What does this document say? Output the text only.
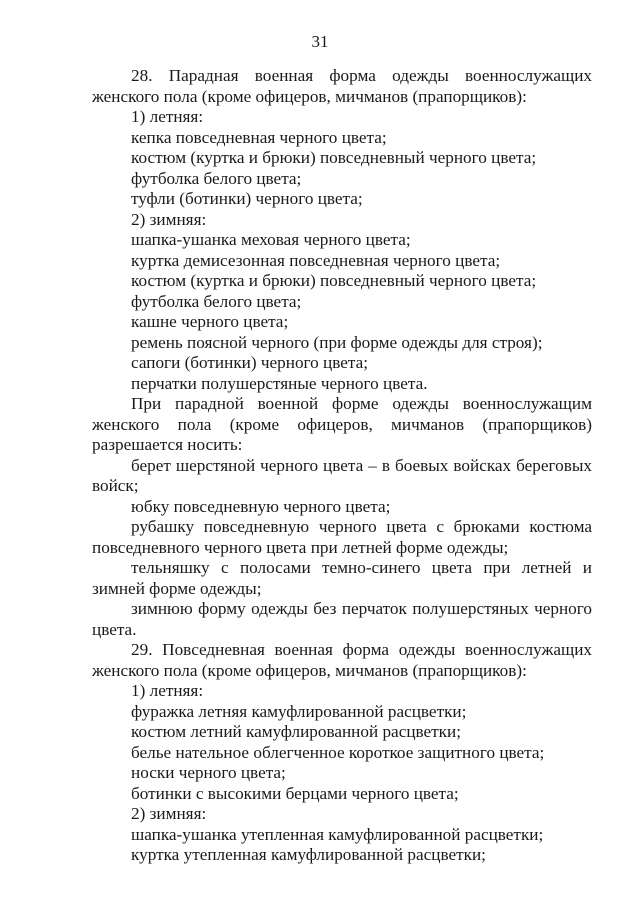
31

28. Парадная военная форма одежды военнослужащих женского пола (кроме офицеров, мичманов (прапорщиков):

1) летняя:

кепка повседневная черного цвета;

костюм (куртка и брюки) повседневный черного цвета;

футболка белого цвета;

туфли (ботинки) черного цвета;

2) зимняя:

шапка-ушанка меховая черного цвета;

куртка демисезонная повседневная черного цвета;

костюм (куртка и брюки) повседневный черного цвета;

футболка белого цвета;

кашне черного цвета;

ремень поясной черного (при форме одежды для строя);

сапоги (ботинки) черного цвета;

перчатки полушерстяные черного цвета.

При парадной военной форме одежды военнослужащим женского пола (кроме офицеров, мичманов (прапорщиков) разрешается носить:

берет шерстяной черного цвета – в боевых войсках береговых войск;

юбку повседневную черного цвета;

рубашку повседневную черного цвета с брюками костюма повседневного черного цвета при летней форме одежды;

тельняшку с полосами темно-синего цвета при летней и зимней форме одежды;

зимнюю форму одежды без перчаток полушерстяных черного цвета.

29. Повседневная военная форма одежды военнослужащих женского пола (кроме офицеров, мичманов (прапорщиков):

1) летняя:

фуражка летняя камуфлированной расцветки;

костюм летний камуфлированной расцветки;

белье нательное облегченное короткое защитного цвета;

носки черного цвета;

ботинки с высокими берцами черного цвета;

2) зимняя:

шапка-ушанка утепленная камуфлированной расцветки;

куртка утепленная камуфлированной расцветки;
